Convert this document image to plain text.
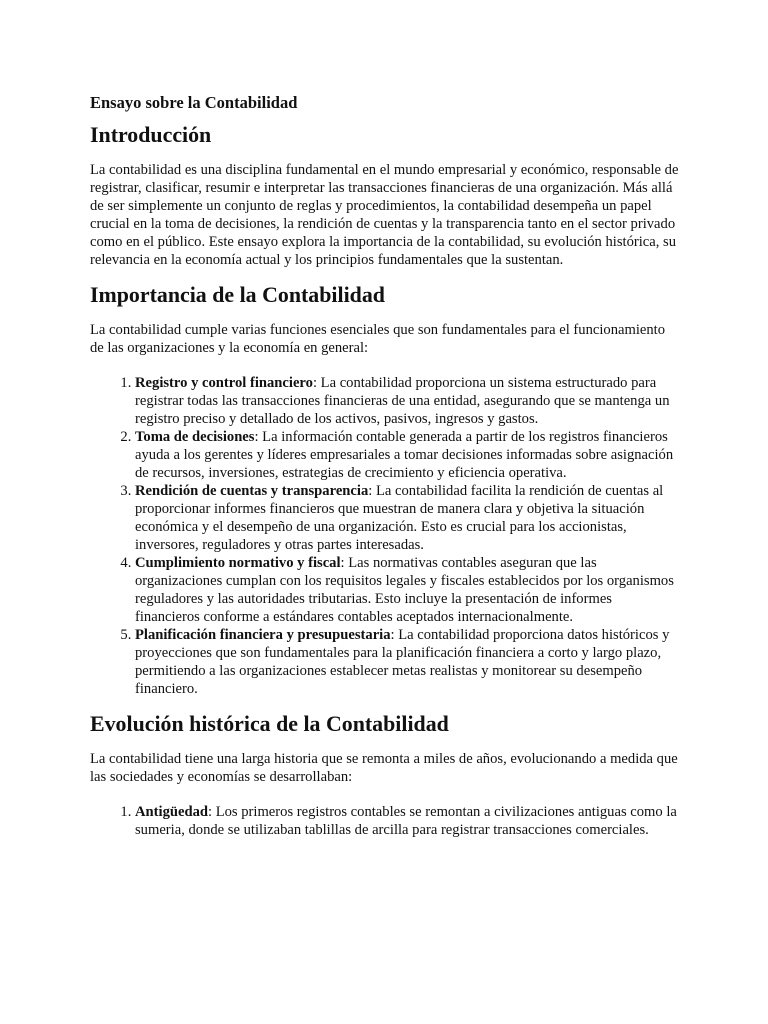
Ensayo sobre la Contabilidad
Introducción

La contabilidad es una disciplina fundamental en el mundo empresarial y económico, responsable de registrar, clasificar, resumir e interpretar las transacciones financieras de una organización. Más allá de ser simplemente un conjunto de reglas y procedimientos, la contabilidad desempeña un papel crucial en la toma de decisiones, la rendición de cuentas y la transparencia tanto en el sector privado como en el público. Este ensayo explora la importancia de la contabilidad, su evolución histórica, su relevancia en la economía actual y los principios fundamentales que la sustentan.

Importancia de la Contabilidad

La contabilidad cumple varias funciones esenciales que son fundamentales para el funcionamiento de las organizaciones y la economía en general:

1. Registro y control financiero: La contabilidad proporciona un sistema estructurado para registrar todas las transacciones financieras de una entidad, asegurando que se mantenga un registro preciso y detallado de los activos, pasivos, ingresos y gastos.
2. Toma de decisiones: La información contable generada a partir de los registros financieros ayuda a los gerentes y líderes empresariales a tomar decisiones informadas sobre asignación de recursos, inversiones, estrategias de crecimiento y eficiencia operativa.
3. Rendición de cuentas y transparencia: La contabilidad facilita la rendición de cuentas al proporcionar informes financieros que muestran de manera clara y objetiva la situación económica y el desempeño de una organización. Esto es crucial para los accionistas, inversores, reguladores y otras partes interesadas.
4. Cumplimiento normativo y fiscal: Las normativas contables aseguran que las organizaciones cumplan con los requisitos legales y fiscales establecidos por los organismos reguladores y las autoridades tributarias. Esto incluye la presentación de informes financieros conforme a estándares contables aceptados internacionalmente.
5. Planificación financiera y presupuestaria: La contabilidad proporciona datos históricos y proyecciones que son fundamentales para la planificación financiera a corto y largo plazo, permitiendo a las organizaciones establecer metas realistas y monitorear su desempeño financiero.
Evolución histórica de la Contabilidad

La contabilidad tiene una larga historia que se remonta a miles de años, evolucionando a medida que las sociedades y economías se desarrollaban:

1. Antigüedad: Los primeros registros contables se remontan a civilizaciones antiguas como la sumeria, donde se utilizaban tablillas de arcilla para registrar transacciones comerciales.
